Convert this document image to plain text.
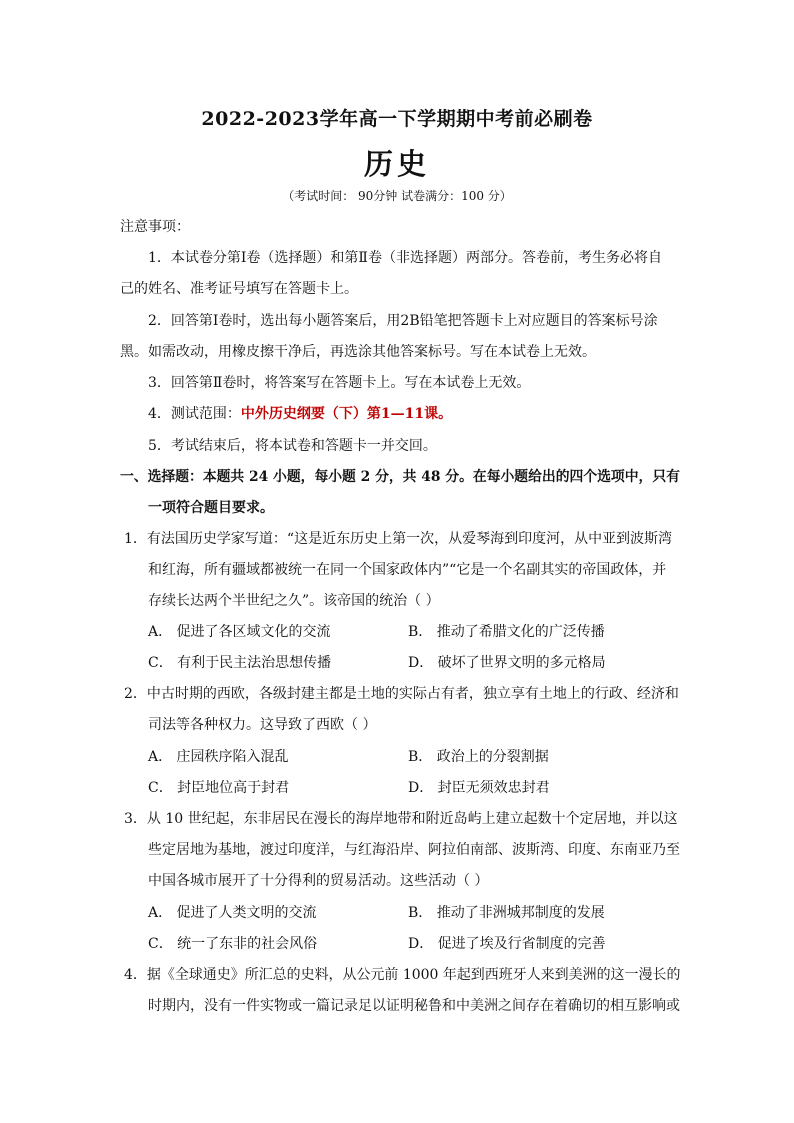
2022-2023学年高一下学期期中考前必刷卷
历史
（考试时间： 90分钟 试卷满分：100 分）
注意事项：
1．本试卷分第Ⅰ卷（选择题）和第Ⅱ卷（非选择题）两部分。答卷前，考生务必将自
己的姓名、准考证号填写在答题卡上。
2．回答第Ⅰ卷时，选出每小题答案后，用2B铅笔把答题卡上对应题目的答案标号涂
黑。如需改动，用橡皮擦干净后，再选涂其他答案标号。写在本试卷上无效。
3．回答第Ⅱ卷时，将答案写在答题卡上。写在本试卷上无效。
4．测试范围：中外历史纲要（下）第1—11课。
5．考试结束后，将本试卷和答题卡一并交回。
一、选择题：本题共 24 小题，每小题 2 分，共 48 分。在每小题给出的四个选项中，只有
一项符合题目要求。
1．有法国历史学家写道：“这是近东历史上第一次，从爱琴海到印度河，从中亚到波斯湾
和红海，所有疆域都被统一在同一个国家政体内”“它是一个名副其实的帝国政体，并
存续长达两个半世纪之久”。该帝国的统治（ ）
A． 促进了各区域文化的交流	B． 推动了希腊文化的广泛传播
C． 有利于民主法治思想传播	D． 破坏了世界文明的多元格局
2．中古时期的西欧，各级封建主都是土地的实际占有者，独立享有土地上的行政、经济和
司法等各种权力。这导致了西欧（ ）
A． 庄园秩序陷入混乱	B． 政治上的分裂割据
C． 封臣地位高于封君	D． 封臣无须效忠封君
3．从 10 世纪起，东非居民在漫长的海岸地带和附近岛屿上建立起数十个定居地，并以这
些定居地为基地，渡过印度洋，与红海沿岸、阿拉伯南部、波斯湾、印度、东南亚乃至
中国各城市展开了十分得利的贸易活动。这些活动（ ）
A． 促进了人类文明的交流	B． 推动了非洲城邦制度的发展
C． 统一了东非的社会风俗	D． 促进了埃及行省制度的完善
4．据《全球通史》所汇总的史料，从公元前 1000 年起到西班牙人来到美洲的这一漫长的
时期内，没有一件实物或一篇记录足以证明秘鲁和中美洲之间存在着确切的相互影响或
